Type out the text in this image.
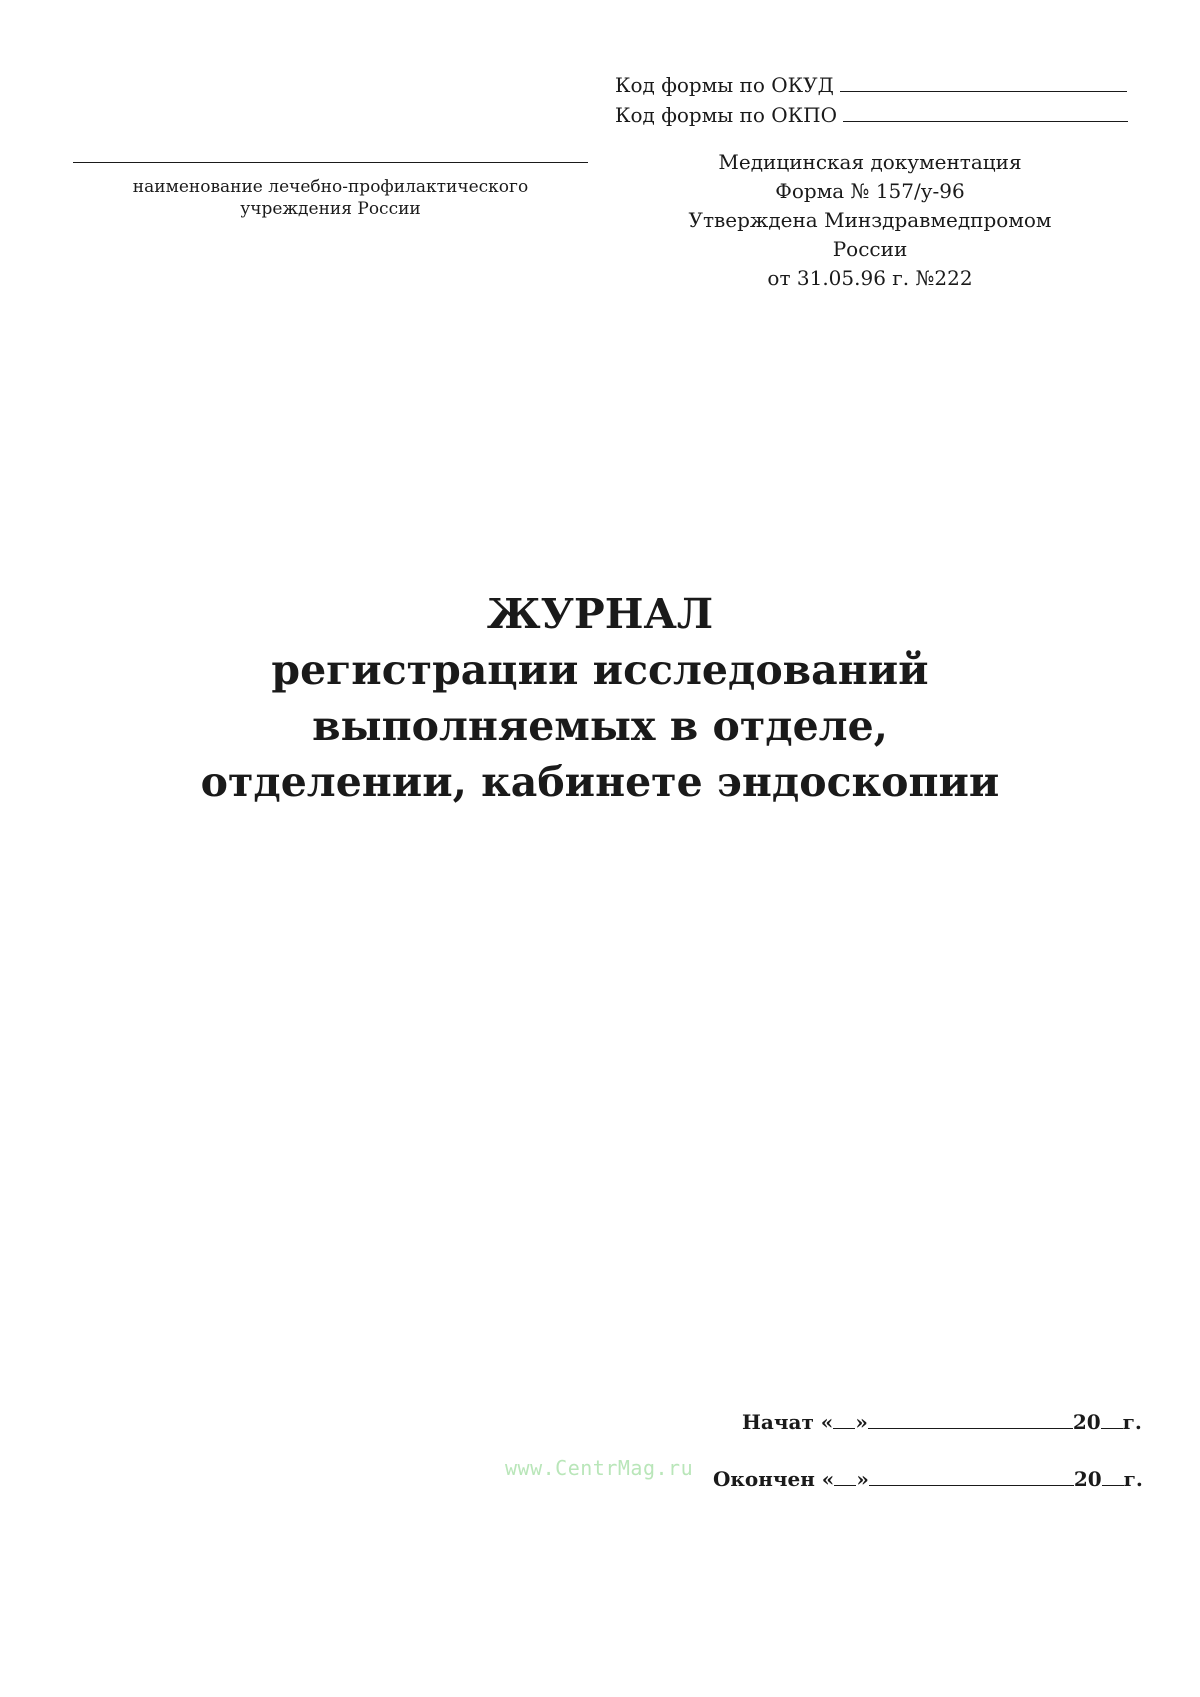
Код формы по ОКУД
Код формы по ОКПО
наименование лечебно-профилактического
учреждения России
Медицинская документация
Форма № 157/у-96
Утверждена Минздравмедпромом
России
от 31.05.96 г. №222
ЖУРНАЛ
регистрации исследований
выполняемых в отделе,
отделении, кабинете эндоскопии
www.CentrMag.ru
Начат « »	20 г.
Окончен « »	20 г.
